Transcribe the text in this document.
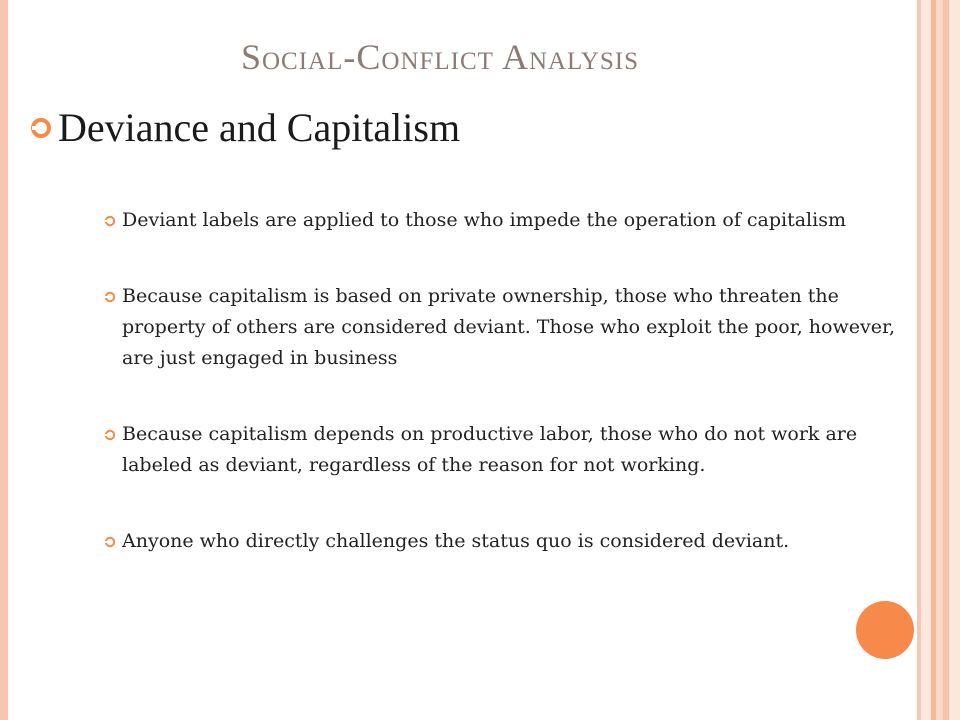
Social-Conflict Analysis
Deviance and Capitalism
Deviant labels are applied to those who impede the operation of capitalism
Because capitalism is based on private ownership, those who threaten the property of others are considered deviant. Those who exploit the poor, however, are just engaged in business
Because capitalism depends on productive labor, those who do not work are labeled as deviant, regardless of the reason for not working.
Anyone who directly challenges the status quo is considered deviant.
